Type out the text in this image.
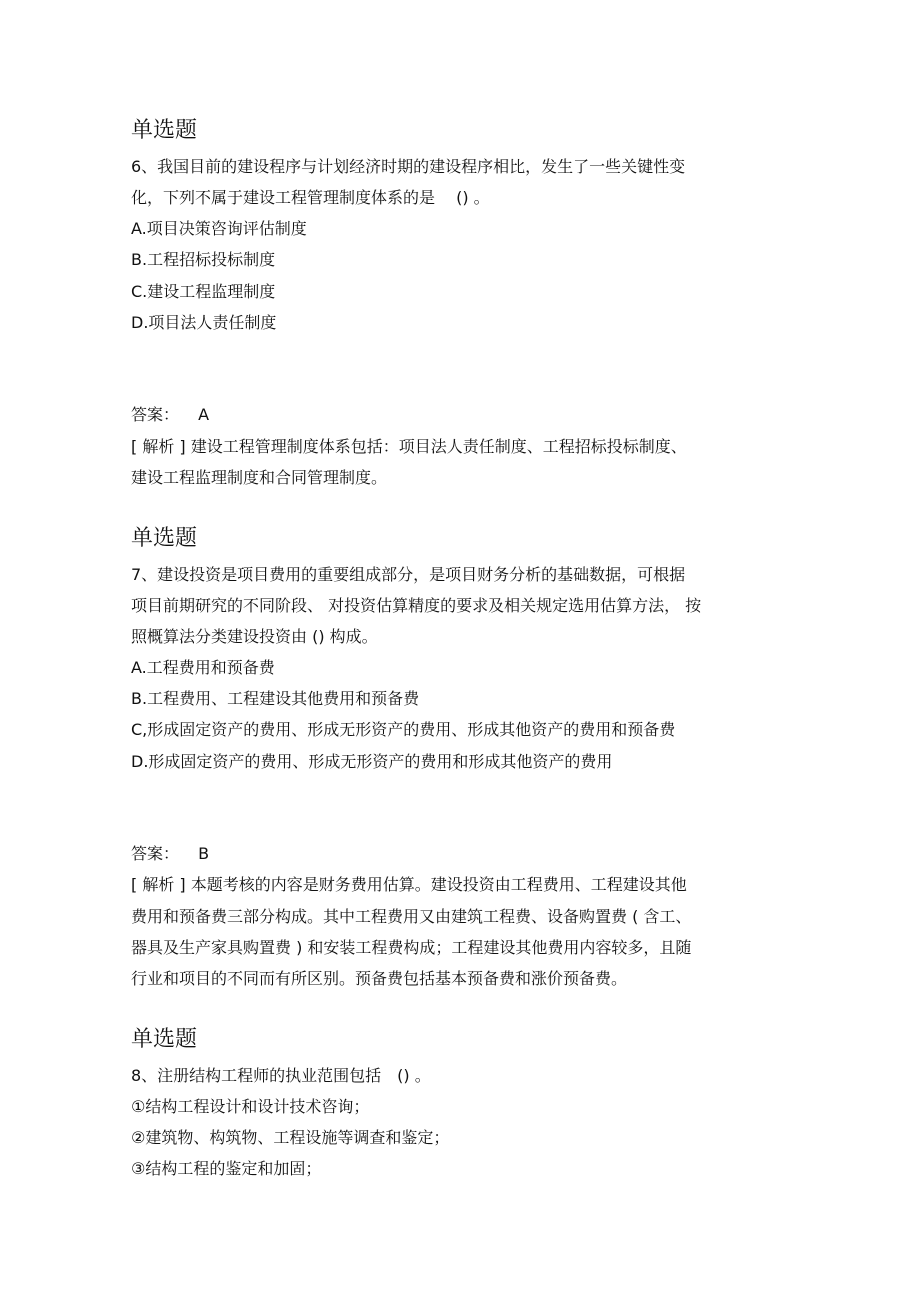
单选题
6、我国目前的建设程序与计划经济时期的建设程序相比，发生了一些关键性变
化，下列不属于建设工程管理制度体系的是　 () 。
A.项目决策咨询评估制度
B.工程招标投标制度
C.建设工程监理制度
D.项目法人责任制度
答案： A
[ 解析 ] 建设工程管理制度体系包括：项目法人责任制度、工程招标投标制度、
建设工程监理制度和合同管理制度。
单选题
7、建设投资是项目费用的重要组成部分，是项目财务分析的基础数据，可根据
项目前期研究的不同阶段、 对投资估算精度的要求及相关规定选用估算方法， 按
照概算法分类建设投资由 () 构成。
A.工程费用和预备费
B.工程费用、工程建设其他费用和预备费
C,形成固定资产的费用、形成无形资产的费用、形成其他资产的费用和预备费
D.形成固定资产的费用、形成无形资产的费用和形成其他资产的费用
答案： B
[ 解析 ] 本题考核的内容是财务费用估算。建设投资由工程费用、工程建设其他
费用和预备费三部分构成。其中工程费用又由建筑工程费、设备购置费 ( 含工、
器具及生产家具购置费 ) 和安装工程费构成；工程建设其他费用内容较多，且随
行业和项目的不同而有所区别。预备费包括基本预备费和涨价预备费。
单选题
8、注册结构工程师的执业范围包括　() 。
①结构工程设计和设计技术咨询；
②建筑物、构筑物、工程设施等调查和鉴定；
③结构工程的鉴定和加固；
